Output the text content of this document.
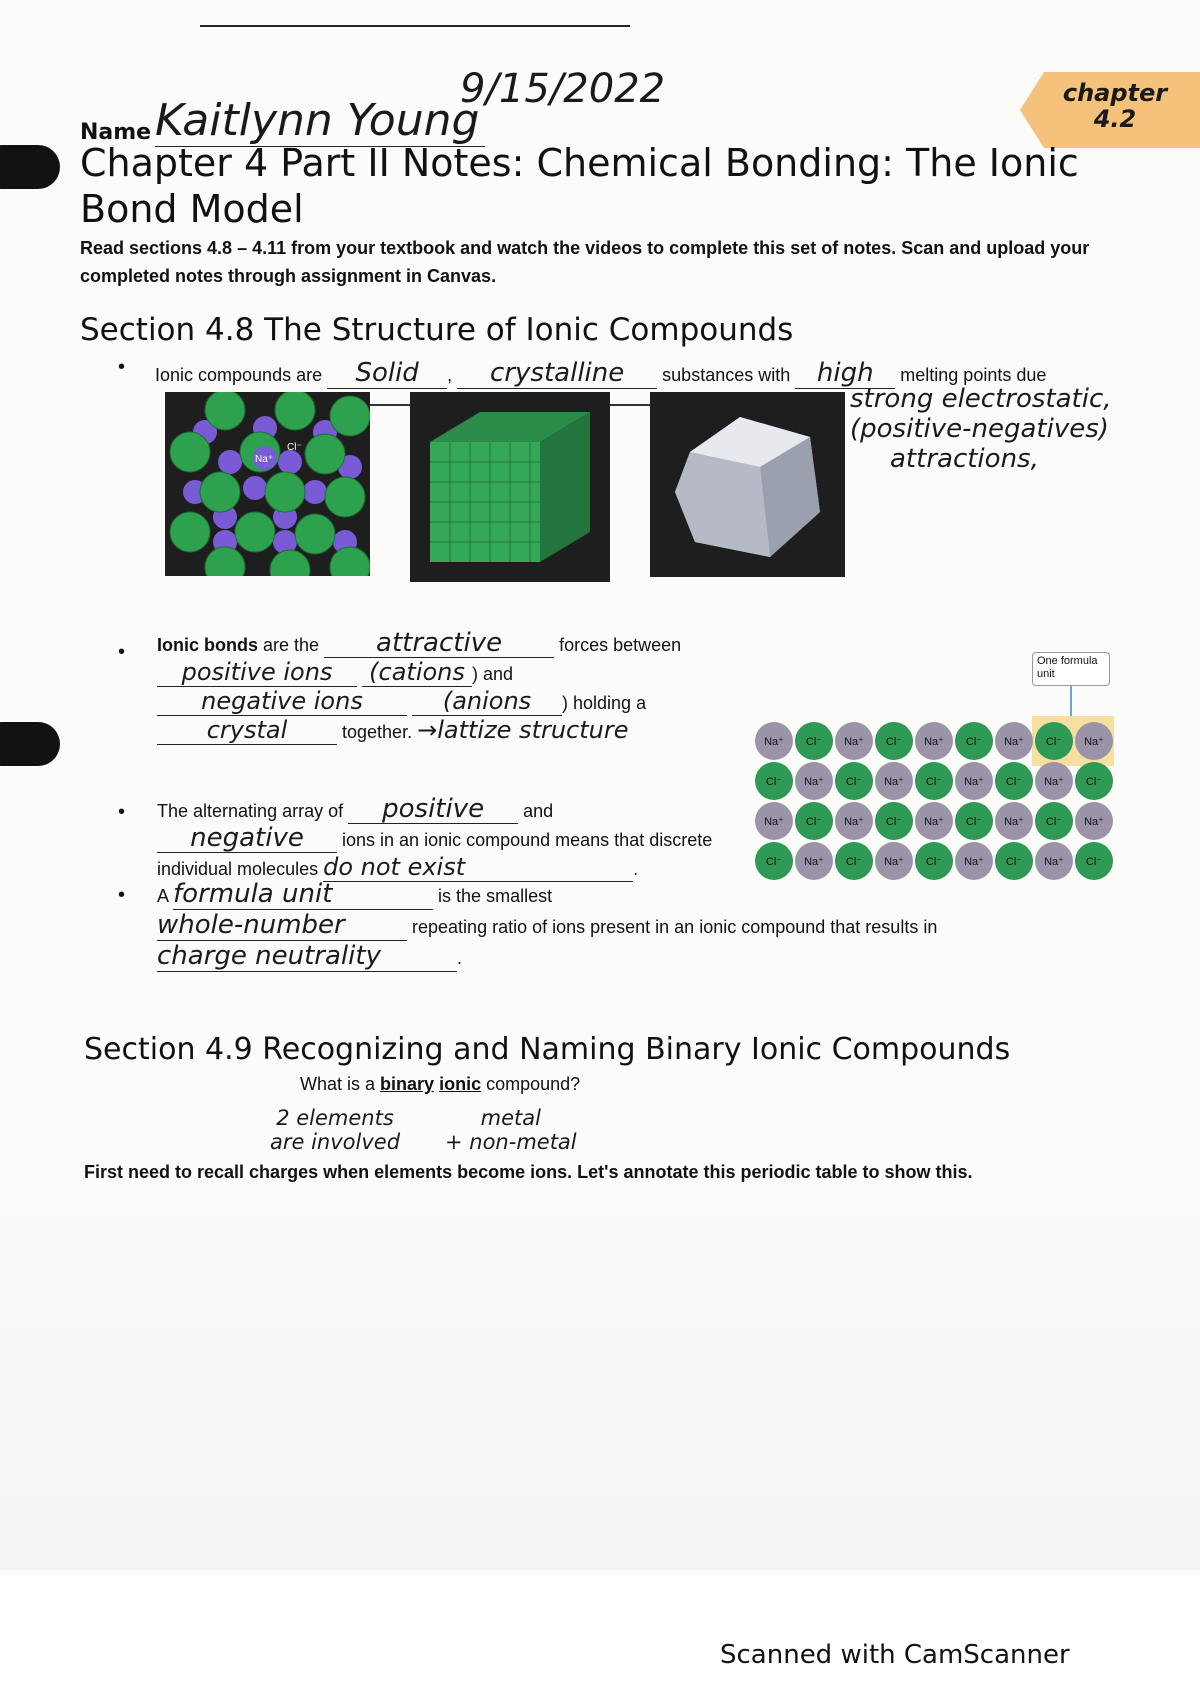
chapter
4.2
9/15/2022
Name Kaitlynn Young
Chapter 4 Part II Notes: Chemical Bonding: The Ionic
Bond Model
Read sections 4.8 – 4.11 from your textbook and watch the videos to complete this set of notes. Scan and upload your
completed notes through assignment in Canvas.
Section 4.8 The Structure of Ionic Compounds
• Ionic compounds are Solid , crystalline substances with high melting points due
strong electrostatic,
(positive-negatives)
attractions,
Na⁺
Cl⁻
• Ionic bonds are the attractive	forces between
positive ions (cations ) and
negative ions	(anions ) holding a
crystal	together. →lattize structure
One formula unit
Na⁺	Cl⁻	Na⁺	Cl⁻	Na⁺	Cl⁻	Na⁺	Cl⁻	Na⁺
Cl⁻	Na⁺	Cl⁻	Na⁺	Cl⁻	Na⁺	Cl⁻	Na⁺	Cl⁻
Na⁺	Cl⁻	Na⁺	Cl⁻	Na⁺	Cl⁻	Na⁺	Cl⁻	Na⁺
Cl⁻	Na⁺	Cl⁻	Na⁺	Cl⁻	Na⁺	Cl⁻	Na⁺	Cl⁻
• The alternating array of positive and
negative ions in an ionic compound means that discrete
individual molecules do not exist	.
• A formula unit	is the smallest
whole-number	repeating ratio of ions present in an ionic compound that results in
charge neutrality	.
Section 4.9 Recognizing and Naming Binary Ionic Compounds
What is a binary ionic compound?
2 elements
are involved
metal
+ non-metal
First need to recall charges when elements become ions. Let's annotate this periodic table to show this.
Scanned with CamScanner
